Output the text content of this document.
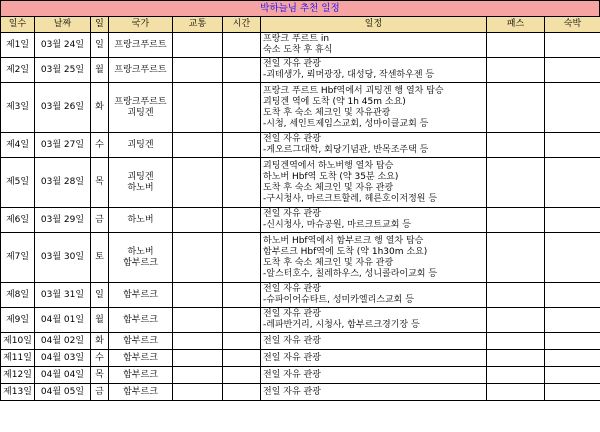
박하늘님 추천 일정
일수	날짜	일	국가	교통	시간	일정	패스	숙박
제1일	03월 24일	일	프랑크푸르트			프랑크 푸르트 in
숙소 도착 후 휴식		

제2일	03월 25일	월	프랑크푸르트			전일 자유 관광
-괴테생가, 뢰머광장, 대성당, 작센하우젠 등		

제3일	03월 26일	화	프랑크푸르트
괴팅겐			프랑크 푸르트 Hbf역에서 괴팅겐 행 열차 탑승
괴팅겐 역에 도착 (약 1h 45m 소요)
도착 후 숙소 체크인 및 자유관광
-시청, 세인트제임스교회, 성마이클교회 등		

제4일	03월 27일	수	괴팅겐			전일 자유 관광
-게오르그대학, 회당기념관, 반목조주택 등		

제5일	03월 28일	목	괴팅겐
하노버			괴팅겐역에서 하노버행 열차 탑승
하노버 Hbf역 도착 (약 35분 소요)
도착 후 숙소 체크인 및 자유 관광
-구시청사, 마르크트할레, 헤른호이저정원 등		

제6일	03월 29일	금	하노버			전일 자유 관광
-신시청사, 마슈공원, 마르크트교회 등		

제7일	03월 30일	토	하노버
함부르크			하노버 Hbf역에서 함부르크 행 열차 탑승
함부르크 Hbf역에 도착 (약 1h30m 소요)
도착 후 숙소 체크인 및 자유 관광
-알스터호수, 칠레하우스, 성니콜라이교회 등		

제8일	03월 31일	일	함부르크			전일 자유 관광
-슈파이어슈타트, 성미카엘리스교회 등		

제9일	04월 01일	월	함부르크			전일 자유 관광
-레파반거리, 시청사, 함부르크경기장 등		

제10일	04월 02일	화	함부르크			전일 자유 관광		

제11일	04월 03일	수	함부르크			전일 자유 관광		

제12일	04월 04일	목	함부르크			전일 자유 관광		

제13일	04월 05일	금	함부르크			전일 자유 관광		
